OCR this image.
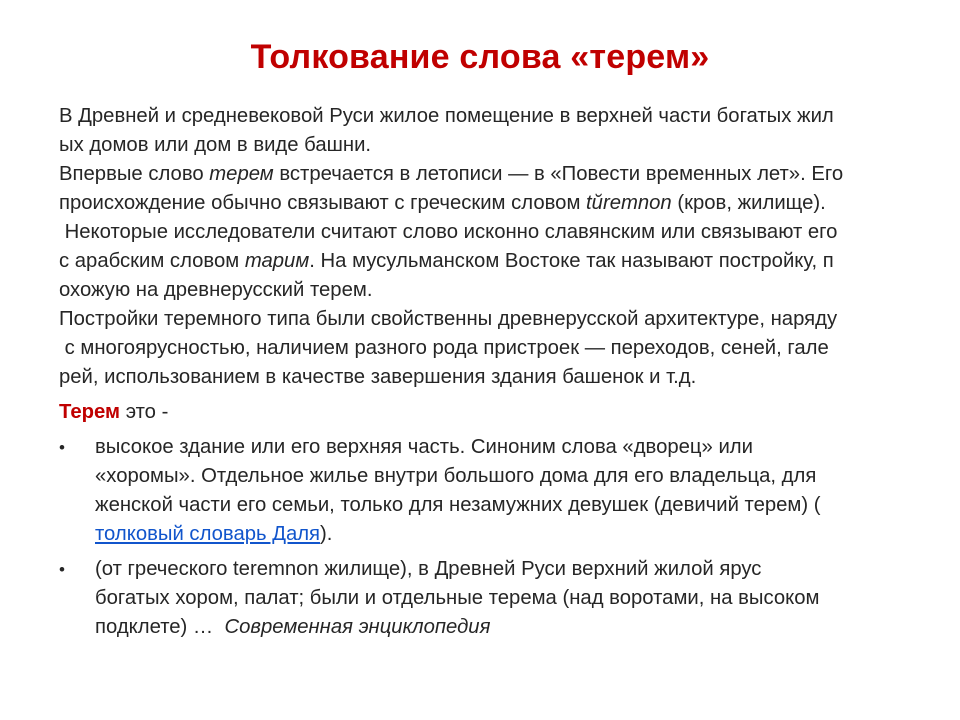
Толкование слова «терем»
В Древней и средневековой Руси жилое помещение в верхней части богатых жил
ых домов или дом в виде башни.
Впервые слово терем встречается в летописи — в «Повести временных лет». Его
происхождение обычно связывают с греческим словом tŭremnon (кров, жилище).
Некоторые исследователи считают слово исконно славянским или связывают его
с арабским словом тарим. На мусульманском Востоке так называют постройку, п
охожую на древнерусский терем.
Постройки теремного типа были свойственны древнерусской архитектуре, наряду
с многоярусностью, наличием разного рода пристроек — переходов, сеней, гале
рей, использованием в качестве завершения здания башенок и т.д.
Терем это -
•	высокое здание или его верхняя часть. Синоним слова «дворец» или
«хоромы». Отдельное жилье внутри большого дома для его владельца, для
женской части его семьи, только для незамужних девушек (девичий терем) (
толковый словарь Даля).
•	(от греческого teremnon жилище), в Древней Руси верхний жилой ярус
богатых хором, палат; были и отдельные терема (над воротами, на высоком
подклете) …  Современная энциклопедия
